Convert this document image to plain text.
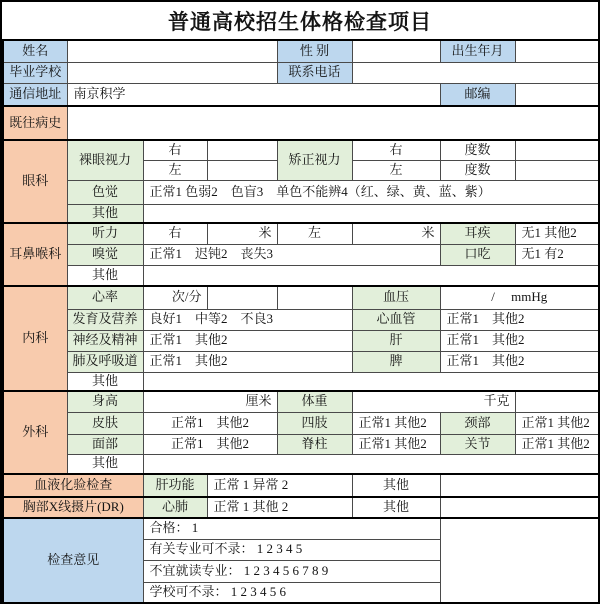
普通高校招生体格检查项目
姓名				性 别		出生年月	
毕业学校				联系电话			
通信地址	南京积学					邮编	
既往病史							
眼科	裸眼视力	右		矫正视力	右	度数	
		左			左	度数	
	色觉	正常1 色弱2　色盲3　单色不能辨4（红、绿、黄、蓝、紫）					
	其他						
耳鼻喉科	听力	右	米	左	米	耳疾	无1 其他2
	嗅觉	正常1　迟钝2　丧失3				口吃	无1 有2
	其他						
内科	心率	次/分			血压	/　 mmHg	
	发育及营养	良好1　中等2　不良3			心血管	正常1　其他2	
	神经及精神	正常1　其他2			肝	正常1　其他2	
	肺及呼吸道	正常1　其他2			脾	正常1　其他2	
	其他						
外科	身高	厘米		体重	千克		
	皮肤	正常1　其他2		四肢	正常1 其他2	颈部	正常1 其他2
	面部	正常1　其他2		脊柱	正常1 其他2	关节	正常1 其他2
	其他						
血液化验检查		肝功能	正常 1 异常 2		其他		
胸部X线摄片(DR)		心肺	正常 1 其他 2		其他		
检查意见		合格： 1					
		有关专业可不录： 1 2 3 4 5					
		不宜就读专业： 1 2 3 4 5 6 7 8 9					
		学校可不录： 1 2 3 4 5 6					
